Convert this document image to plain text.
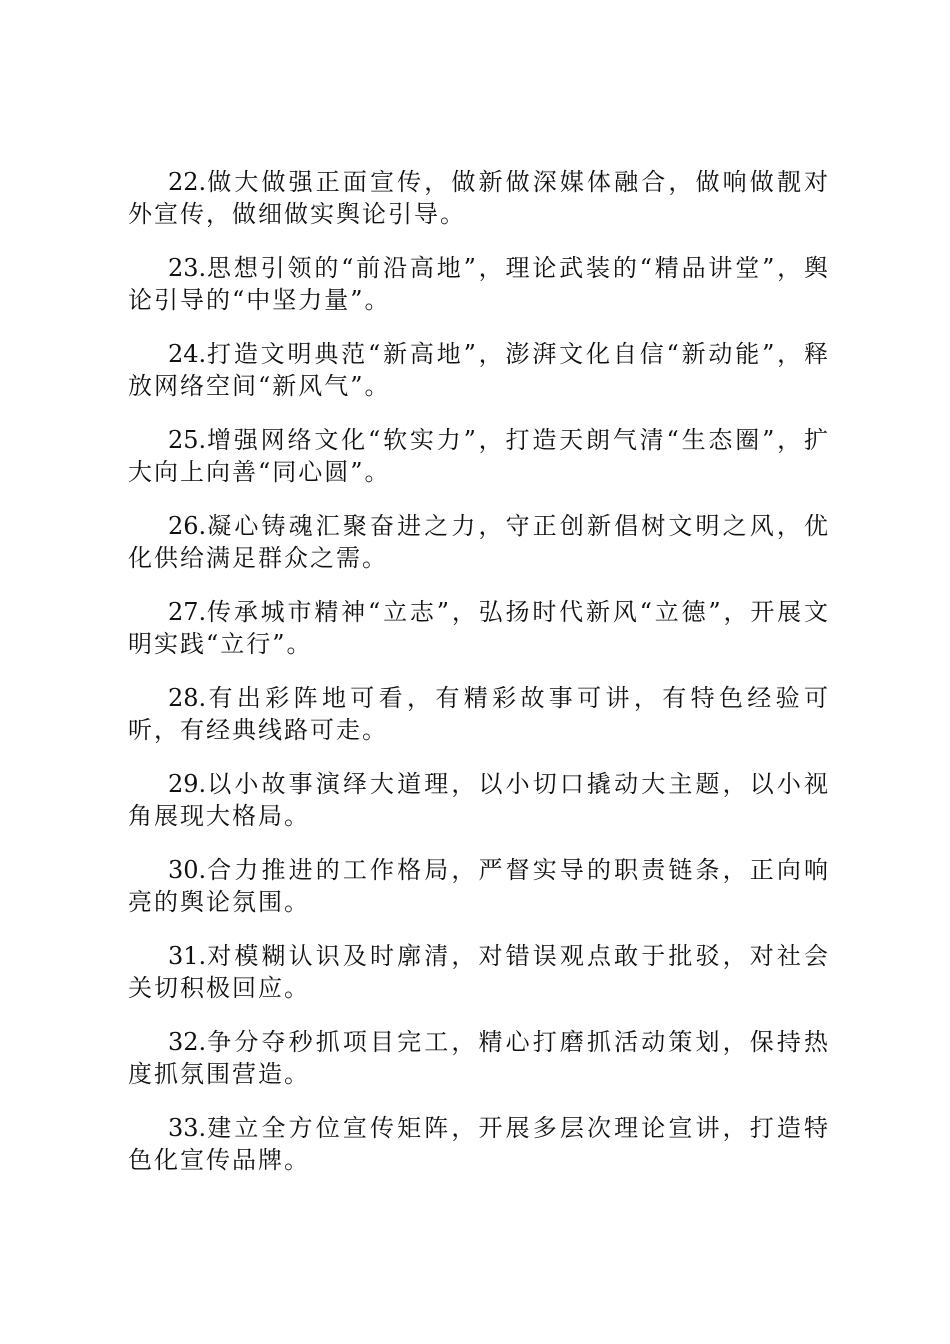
22.做大做强正面宣传，做新做深媒体融合，做响做靓对外宣传，做细做实舆论引导。

23.思想引领的“前沿高地”，理论武装的“精品讲堂”，舆论引导的“中坚力量”。

24.打造文明典范“新高地”，澎湃文化自信“新动能”，释放网络空间“新风气”。

25.增强网络文化“软实力”，打造天朗气清“生态圈”，扩大向上向善“同心圆”。

26.凝心铸魂汇聚奋进之力，守正创新倡树文明之风，优化供给满足群众之需。

27.传承城市精神“立志”，弘扬时代新风“立德”，开展文明实践“立行”。

28.有出彩阵地可看，有精彩故事可讲，有特色经验可听，有经典线路可走。

29.以小故事演绎大道理，以小切口撬动大主题，以小视角展现大格局。

30.合力推进的工作格局，严督实导的职责链条，正向响亮的舆论氛围。

31.对模糊认识及时廓清，对错误观点敢于批驳，对社会关切积极回应。

32.争分夺秒抓项目完工，精心打磨抓活动策划，保持热度抓氛围营造。

33.建立全方位宣传矩阵，开展多层次理论宣讲，打造特色化宣传品牌。
